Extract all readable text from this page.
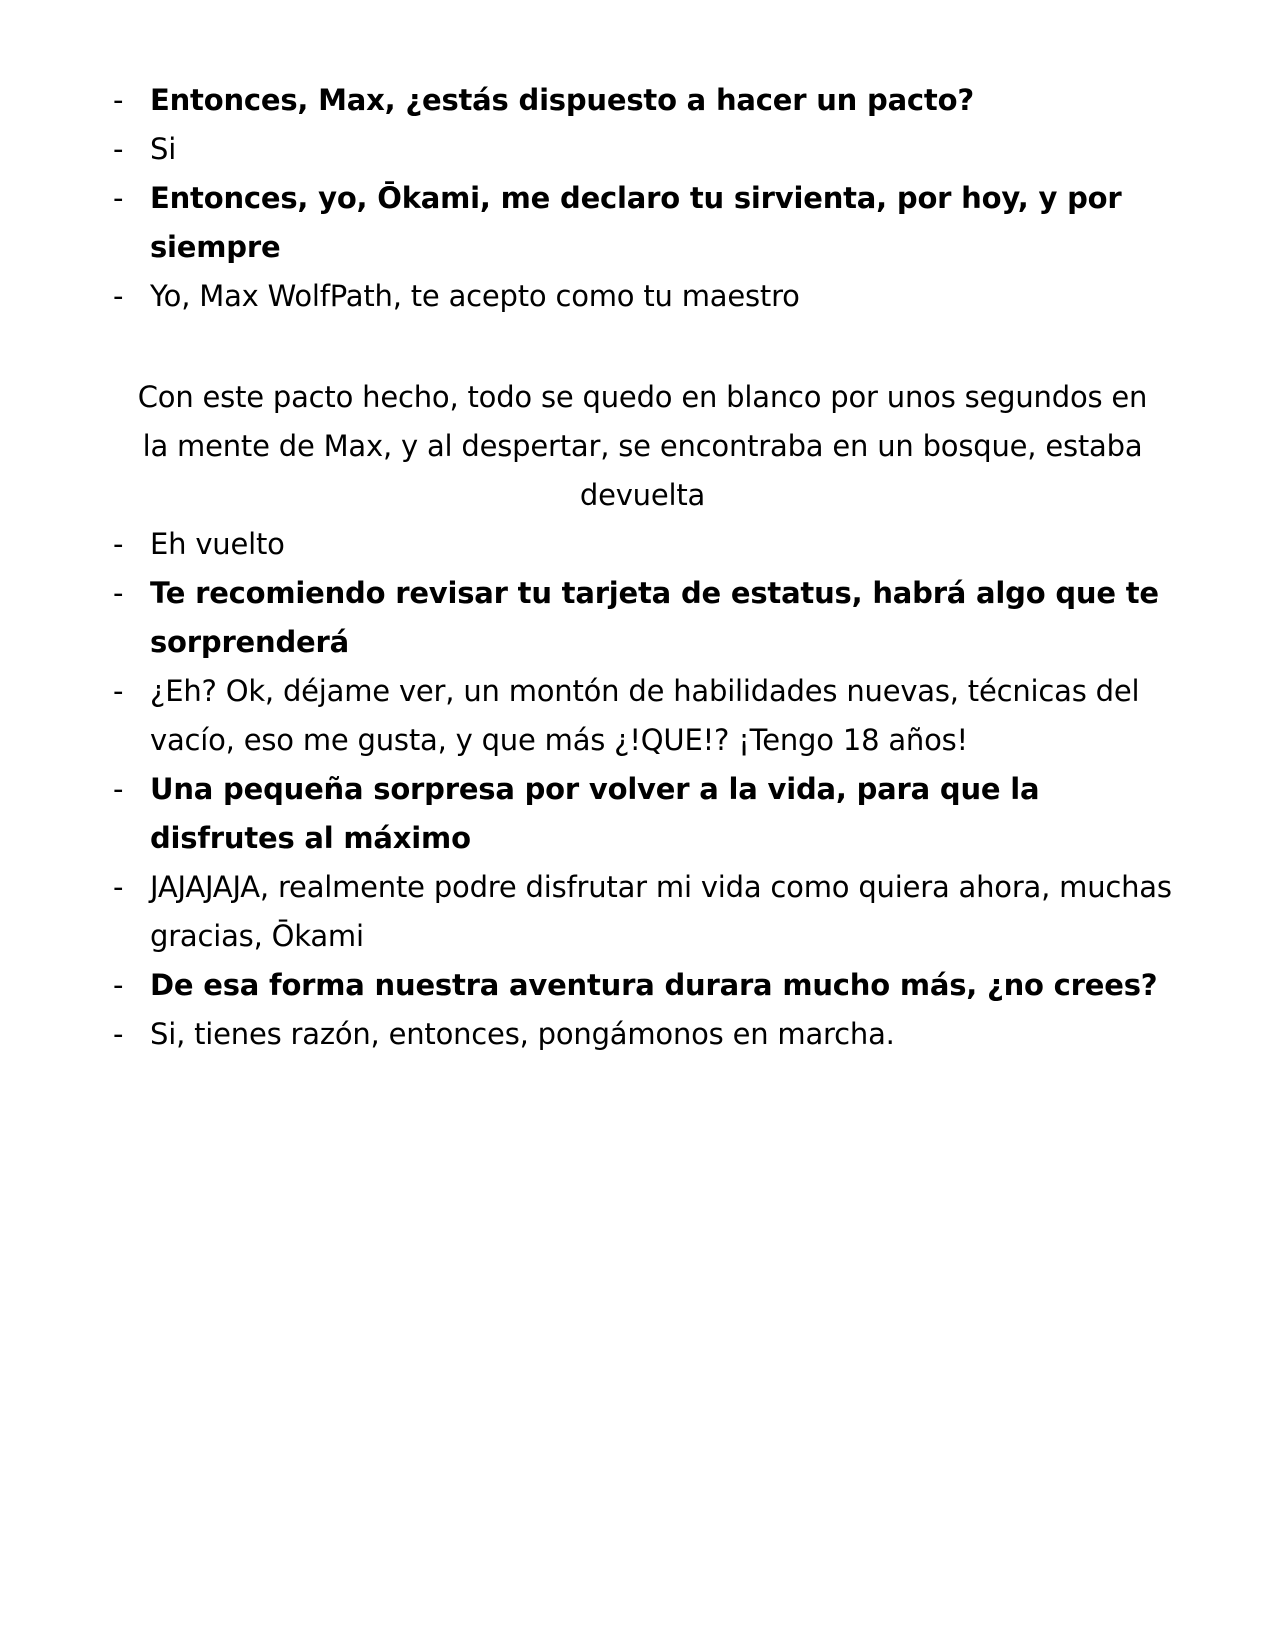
- Entonces, Max, ¿estás dispuesto a hacer un pacto?
- Si
- Entonces, yo, Ōkami, me declaro tu sirvienta, por hoy, y por siempre
- Yo, Max WolfPath, te acepto como tu maestro

Con este pacto hecho, todo se quedo en blanco por unos segundos en la mente de Max, y al despertar, se encontraba en un bosque, estaba devuelta

- Eh vuelto
- Te recomiendo revisar tu tarjeta de estatus, habrá algo que te sorprenderá
- ¿Eh? Ok, déjame ver, un montón de habilidades nuevas, técnicas del vacío, eso me gusta, y que más ¿!QUE!? ¡Tengo 18 años!
- Una pequeña sorpresa por volver a la vida, para que la disfrutes al máximo
- JAJAJAJA, realmente podre disfrutar mi vida como quiera ahora, muchas gracias, Ōkami
- De esa forma nuestra aventura durara mucho más, ¿no crees?
- Si, tienes razón, entonces, pongámonos en marcha.
